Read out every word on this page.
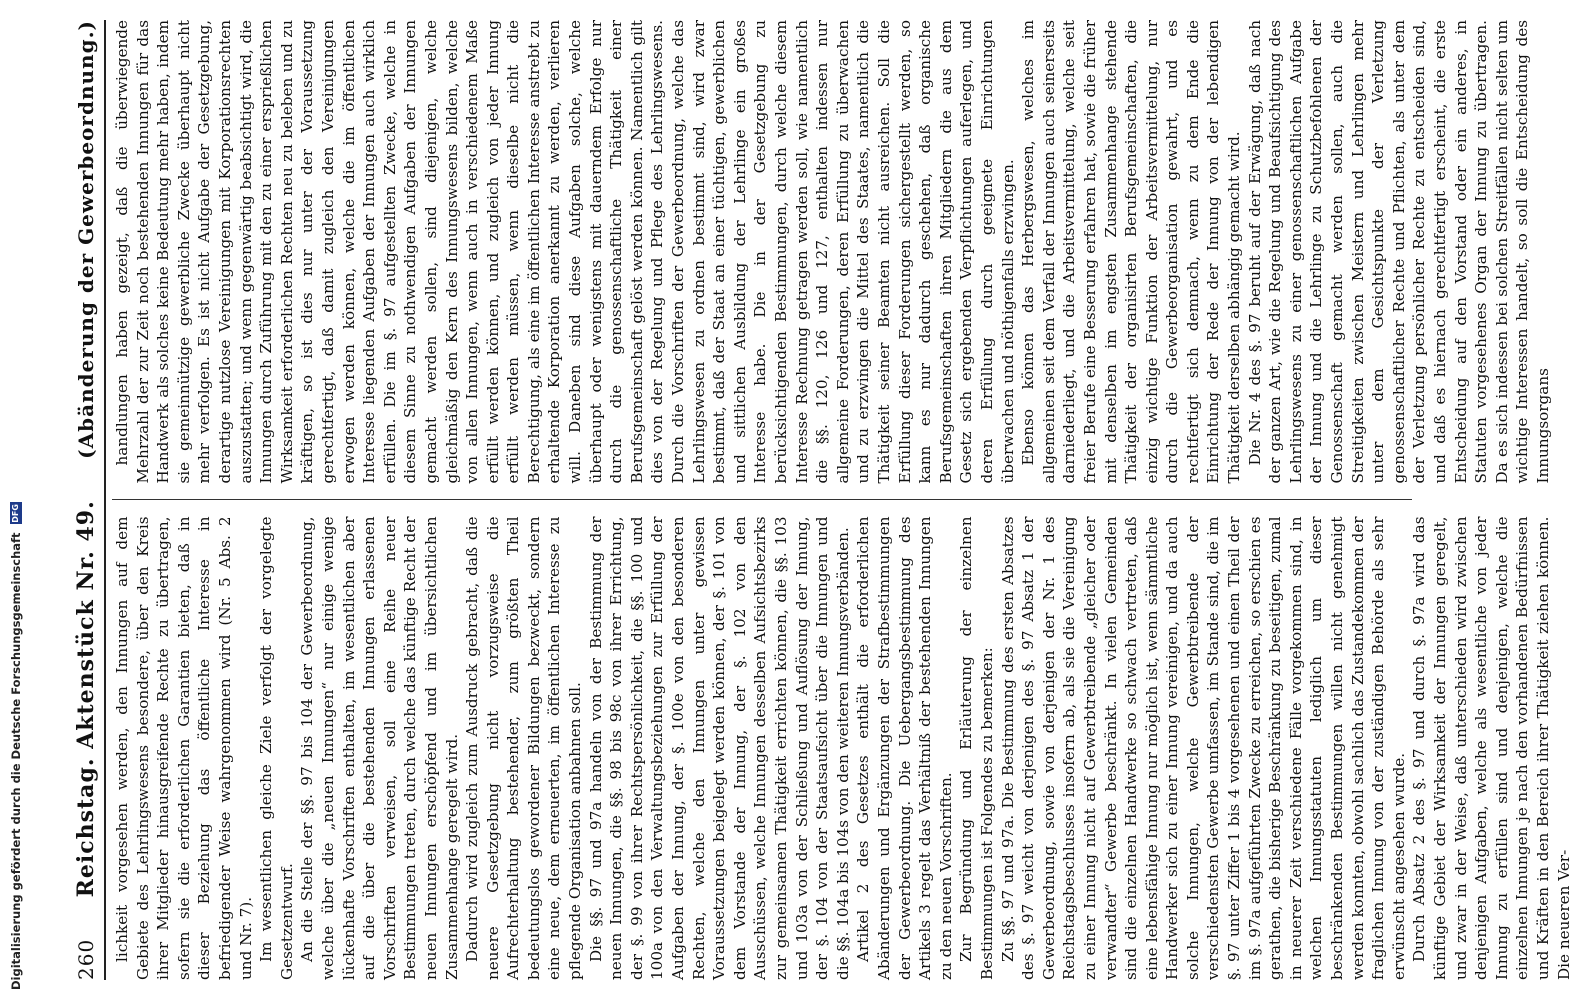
Digitalisierung gefördert durch die Deutsche Forschungsgemeinschaft
DFG
260
Reichstag. Aktenstück Nr. 49.
(Abänderung der Gewerbeordnung.)

lichkeit vorgesehen werden, den Innungen auf dem Gebiete des Lehrlingswesens besondere, über den Kreis ihrer Mitglieder hinausgreifende Rechte zu übertragen, sofern sie die erforderlichen Garantien bieten, daß in dieser Beziehung das öffentliche Interesse in befriedigender Weise wahrgenommen wird (Nr. 5 Abs. 2 und Nr. 7). Im wesentlichen gleiche Ziele verfolgt der vorgelegte Gesetzentwurf. An die Stelle der §§. 97 bis 104 der Gewerbeordnung, welche über die „neuen Innungen“ nur einige wenige lückenhafte Vorschriften enthalten, im wesentlichen aber auf die über die bestehenden Innungen erlassenen Vorschriften verweisen, soll eine Reihe neuer Bestimmungen treten, durch welche das künftige Recht der neuen Innungen erschöpfend und im übersichtlichen Zusammenhange geregelt wird. Dadurch wird zugleich zum Ausdruck gebracht, daß die neuere Gesetzgebung nicht vorzugsweise die Aufrechterhaltung bestehender, zum größten Theil bedeutungslos gewordener Bildungen bezweckt, sondern eine neue, dem erneuerten, im öffentlichen Interesse zu pflegende Organisation anbahnen soll. Die §§. 97 und 97a handeln von der Bestimmung der neuen Innungen, die §§. 98 bis 98c von ihrer Errichtung, der §. 99 von ihrer Rechtspersönlichkeit, die §§. 100 und 100a von den Verwaltungsbeziehungen zur Erfüllung der Aufgaben der Innung, der §. 100e von den besonderen Rechten, welche den Innungen unter gewissen Voraussetzungen beigelegt werden können, der §. 101 von dem Vorstande der Innung, der §. 102 von den Ausschüssen, welche Innungen desselben Aufsichtsbezirks zur gemeinsamen Thätigkeit errichten können, die §§. 103 und 103a von der Schließung und Auflösung der Innung, der §. 104 von der Staatsaufsicht über die Innungen und die §§. 104a bis 104s von den weiteren Innungsverbänden. Artikel 2 des Gesetzes enthält die erforderlichen Abänderungen und Ergänzungen der Strafbestimmungen der Gewerbeordnung. Die Uebergangsbestimmung des Artikels 3 regelt das Verhältniß der bestehenden Innungen zu den neuen Vorschriften. Zur Begründung und Erläuterung der einzelnen Bestimmungen ist Folgendes zu bemerken: Zu §§. 97 und 97a. Die Bestimmung des ersten Absatzes des §. 97 weicht von derjenigen des §. 97 Absatz 1 der Gewerbeordnung, sowie von derjenigen der Nr. 1 des Reichstagsbeschlusses insofern ab, als sie die Vereinigung zu einer Innung nicht auf Gewerbtreibende „gleicher oder verwandter“ Gewerbe beschränkt. In vielen Gemeinden sind die einzelnen Handwerke so schwach vertreten, daß eine lebensfähige Innung nur möglich ist, wenn sämmtliche Handwerker sich zu einer Innung vereinigen, und da auch solche Innungen, welche Gewerbtreibende der verschiedensten Gewerbe umfassen, im Stande sind, die im §. 97 unter Ziffer 1 bis 4 vorgesehenen und einen Theil der im §. 97a aufgeführten Zwecke zu erreichen, so erschien es gerathen, die bisherige Beschränkung zu beseitigen, zumal in neuerer Zeit verschiedene Fälle vorgekommen sind, in welchen Innungsstatuten lediglich um dieser beschränkenden Bestimmungen willen nicht genehmigt werden konnten, obwohl sachlich das Zustandekommen der fraglichen Innung von der zuständigen Behörde als sehr erwünscht angesehen wurde. Durch Absatz 2 des §. 97 und durch §. 97a wird das künftige Gebiet der Wirksamkeit der Innungen geregelt, und zwar in der Weise, daß unterschieden wird zwischen denjenigen Aufgaben, welche als wesentliche von jeder Innung zu erfüllen sind und denjenigen, welche die einzelnen Innungen je nach den vorhandenen Bedürfnissen und Kräften in den Bereich ihrer Thätigkeit ziehen können. Die neueren Ver-

handlungen haben gezeigt, daß die überwiegende Mehrzahl der zur Zeit noch bestehenden Innungen für das Handwerk als solches keine Bedeutung mehr haben, indem sie gemeinnützige gewerbliche Zwecke überhaupt nicht mehr verfolgen. Es ist nicht Aufgabe der Gesetzgebung, derartige nutzlose Vereinigungen mit Korporationsrechten auszustatten; und wenn gegenwärtig beabsichtigt wird, die Innungen durch Zuführung mit den zu einer ersprießlichen Wirksamkeit erforderlichen Rechten neu zu beleben und zu kräftigen, so ist dies nur unter der Voraussetzung gerechtfertigt, daß damit zugleich den Vereinigungen erwogen werden können, welche die im öffentlichen Interesse liegenden Aufgaben der Innungen auch wirklich erfüllen. Die im §. 97 aufgestellten Zwecke, welche in diesem Sinne zu nothwendigen Aufgaben der Innungen gemacht werden sollen, sind diejenigen, welche gleichmäßig den Kern des Innungswesens bilden, welche von allen Innungen, wenn auch in verschiedenem Maße erfüllt werden können, und zugleich von jeder Innung erfüllt werden müssen, wenn dieselbe nicht die Berechtigung, als eine im öffentlichen Interesse anstrebt zu erhaltende Korporation anerkannt zu werden, verlieren will. Daneben sind diese Aufgaben solche, welche überhaupt oder wenigstens mit dauerndem Erfolge nur durch die genossenschaftliche Thätigkeit einer Berufsgemeinschaft gelöst werden können. Namentlich gilt dies von der Regelung und Pflege des Lehrlingswesens. Durch die Vorschriften der Gewerbeordnung, welche das Lehrlingswesen zu ordnen bestimmt sind, wird zwar bestimmt, daß der Staat an einer tüchtigen, gewerblichen und sittlichen Ausbildung der Lehrlinge ein großes Interesse habe. Die in der Gesetzgebung zu berücksichtigenden Bestimmungen, durch welche diesem Interesse Rechnung getragen werden soll, wie namentlich die §§. 120, 126 und 127, enthalten indessen nur allgemeine Forderungen, deren Erfüllung zu überwachen und zu erzwingen die Mittel des Staates, namentlich die Thätigkeit seiner Beamten nicht ausreichen. Soll die Erfüllung dieser Forderungen sichergestellt werden, so kann es nur dadurch geschehen, daß organische Berufsgemeinschaften ihren Mitgliedern die aus dem Gesetz sich ergebenden Verpflichtungen auferlegen, und deren Erfüllung durch geeignete Einrichtungen überwachen und nöthigenfalls erzwingen. Ebenso können das Herbergswesen, welches im allgemeinen seit dem Verfall der Innungen auch seinerseits darniederliegt, und die Arbeitsvermittelung, welche seit freier Berufe eine Besserung erfahren hat, sowie die früher mit denselben im engsten Zusammenhange stehende Thätigkeit der organisirten Berufsgemeinschaften, die einzig wichtige Funktion der Arbeitsvermittelung, nur durch die Gewerbeorganisation gewahrt, und es rechtfertigt sich demnach, wenn zu dem Ende die Einrichtung der Rede der Innung von der lebendigen Thätigkeit derselben abhängig gemacht wird. Die Nr. 4 des §. 97 beruht auf der Erwägung, daß nach der ganzen Art, wie die Regelung und Beaufsichtigung des Lehrlingswesens zu einer genossenschaftlichen Aufgabe der Innung und die Lehrlinge zu Schutzbefohlenen der Genossenschaft gemacht werden sollen, auch die Streitigkeiten zwischen Meistern und Lehrlingen mehr unter dem Gesichtspunkte der Verletzung genossenschaftlicher Rechte und Pflichten, als unter dem der Verletzung persönlicher Rechte zu entscheiden sind, und daß es hiernach gerechtfertigt erscheint, die erste Entscheidung auf den Vorstand oder ein anderes, in Statuten vorgesehenes Organ der Innung zu übertragen. Da es sich indessen bei solchen Streitfällen nicht selten um wichtige Interessen handelt, so soll die Entscheidung des Innungsorgans
